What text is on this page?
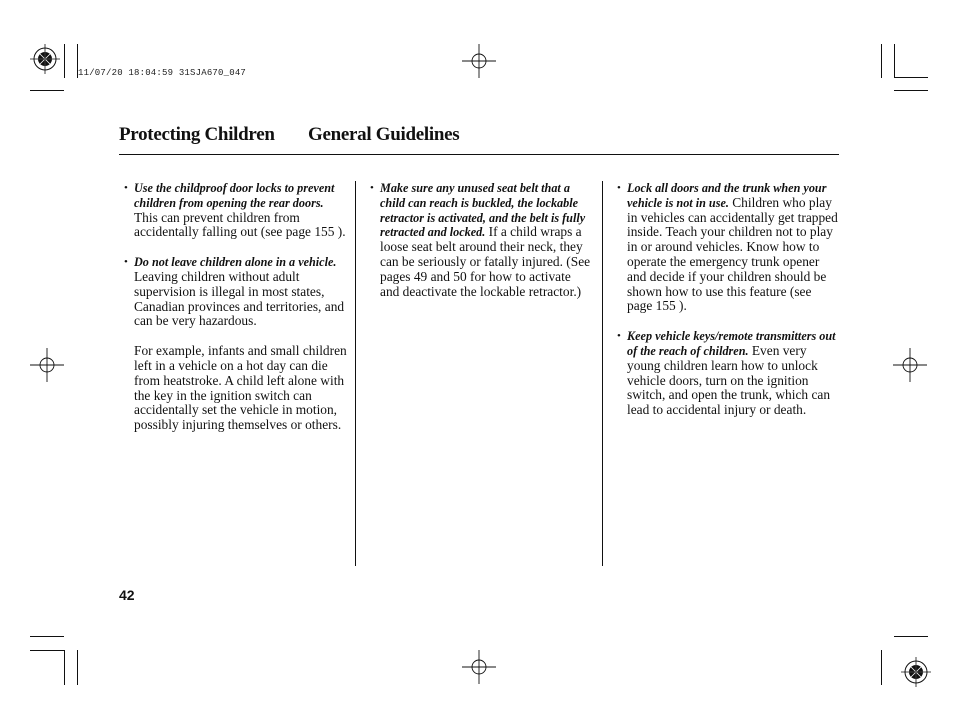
11/07/20 18:04:59 31SJA670_047
Protecting Children General Guidelines

• Use the childproof door locks to prevent children from opening the rear doors. This can prevent children from accidentally falling out (see page 155 ).

• Do not leave children alone in a vehicle. Leaving children without adult supervision is illegal in most states, Canadian provinces and territories, and can be very hazardous.

For example, infants and small children left in a vehicle on a hot day can die from heatstroke. A child left alone with the key in the ignition switch can accidentally set the vehicle in motion, possibly injuring themselves or others.

• Make sure any unused seat belt that a child can reach is buckled, the lockable retractor is activated, and the belt is fully retracted and locked. If a child wraps a loose seat belt around their neck, they can be seriously or fatally injured. (See pages 49 and 50 for how to activate and deactivate the lockable retractor.)

• Lock all doors and the trunk when your vehicle is not in use. Children who play in vehicles can accidentally get trapped inside. Teach your children not to play in or around vehicles. Know how to operate the emergency trunk opener and decide if your children should be shown how to use this feature (see page 155 ).

• Keep vehicle keys/remote transmitters out of the reach of children. Even very young children learn how to unlock vehicle doors, turn on the ignition switch, and open the trunk, which can lead to accidental injury or death.

42
